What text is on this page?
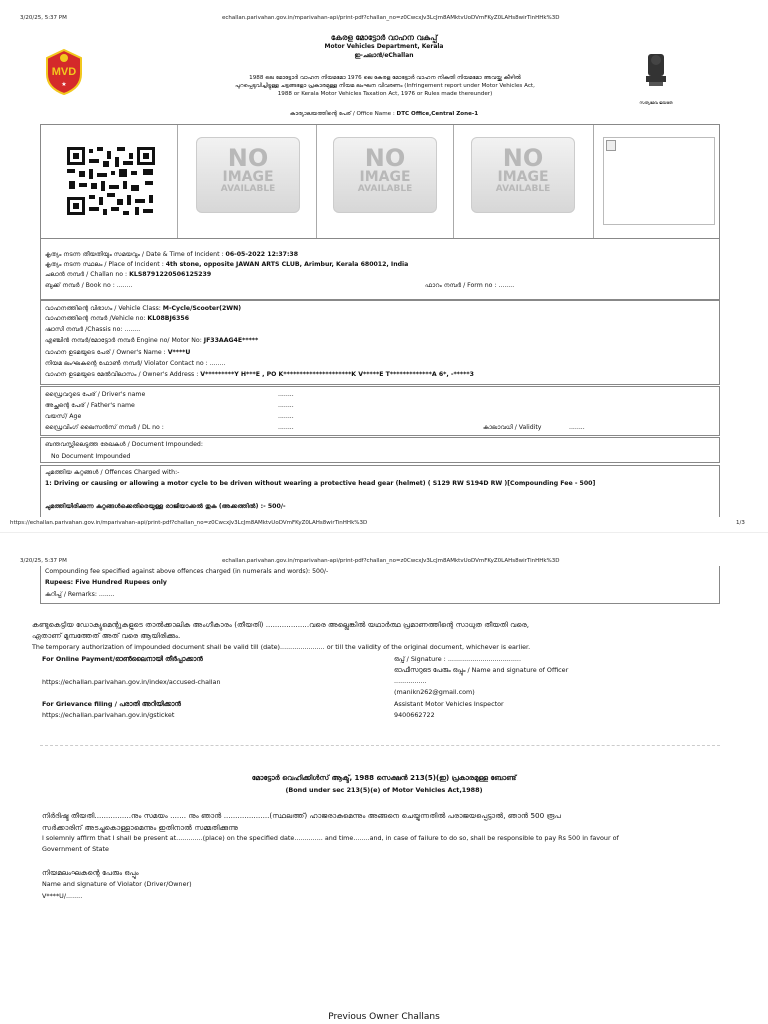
3/20/25, 5:37 PM	echallan.parivahan.gov.in/mparivahan-api/print-pdf?challan_no=z0CwcxJv3LcJm8AMktvUoDVmFKyZ0LAHs8wirTinHHk%3D
MVD
★
സത്യമേവ ജയതേ
കേരള മോട്ടോർ വാഹന വകുപ്പ്
Motor Vehicles Department, Kerala
ഇ-ചലാൻ/eChallan
1988 ലെ മോട്ടോർ വാഹന നിയമമോ 1976 ലെ കേരള മോട്ടോർ വാഹന നികുതി നിയമമോ അവയ്ക്കു കീഴിൽ
പുറപ്പെടുവിച്ചിട്ടുള്ള ചട്ടങ്ങളോ പ്രകാരമുള്ള നിയമ ലംഘന വിവരണം (Infringement report under Motor Vehicles Act,
1988 or Kerala Motor Vehicles Taxation Act, 1976 or Rules made thereunder)
കാര്യാലയത്തിന്റെ പേര് / Office Name : DTC Office,Central Zone-1
NO
IMAGE
AVAILABLE
NO
IMAGE
AVAILABLE
NO
IMAGE
AVAILABLE
കൃത്യം നടന്ന തീയതിയും സമയവും / Date & Time of Incident : 06-05-2022 12:37:38
കൃത്യം നടന്ന സ്ഥലം / Place of Incident : 4th stone, opposite JAWAN ARTS CLUB, Arimbur, Kerala 680012, India
ചലാൻ നമ്പർ / Challan no : KLS8791220506125239
ബുക്ക് നമ്പർ / Book no : ........	ഫാറം നമ്പർ / Form no : ........
വാഹനത്തിന്റെ വിഭാഗം / Vehicle Class: M-Cycle/Scooter(2WN)
വാഹനത്തിന്റെ നമ്പർ /Vehicle no: KL08BJ6356
ഷാസി നമ്പർ /Chassis no: ........
എഞ്ചിൻ നമ്പർ/മോട്ടോർ നമ്പർ Engine no/ Motor No: JF33AAG4E*****
വാഹന ഉടമയുടെ പേര് / Owner's Name : V****U
നിയമ ലംഘകന്റെ ഫോൺ നമ്പർ/ Violator Contact no : ........
വാഹന ഉടമയുടെ മേൽവിലാസം / Owner's Address : V*********Y H***E , PO K*********************K V*****E T*************A 6*, -*****3
ഡ്രൈവറുടെ പേര് / Driver's name	........
അച്ഛന്റെ പേര് / Father's name	........
വയസ്/ Age	........
ഡ്രൈവിംഗ് ലൈസൻസ് നമ്പർ / DL no :	........	കാലാവധി / Validity	........
ബന്തവസ്സിലെടുത്ത രേഖകൾ / Document Impounded:
No Document Impounded
ചുമത്തിയ കുറ്റങ്ങൾ / Offences Charged with:-
1: Driving or causing or allowing a motor cycle to be driven without wearing a protective head gear (helmet) ( S129 RW S194D RW )[Compounding Fee - 500]
ചുമത്തിയിരിക്കുന്ന കുറ്റങ്ങൾക്കെതിരെയുള്ള രാജിയാക്കൽ തുക (അക്കത്തിൽ) :- 500/-
https://echallan.parivahan.gov.in/mparivahan-api/print-pdf?challan_no=z0CwcxJv3LcJm8AMktvUoDVmFKyZ0LAHs8wirTinHHk%3D	1/3
3/20/25, 5:37 PM	echallan.parivahan.gov.in/mparivahan-api/print-pdf?challan_no=z0CwcxJv3LcJm8AMktvUoDVmFKyZ0LAHs8wirTinHHk%3D
Compounding fee specified against above offences charged (in numerals and words): 500/-
Rupees: Five Hundred Rupees only
കുറിപ്പ് / Remarks: ........
കണ്ടുകെട്ടിയ ഡോക്യുമെന്റുകളുടെ താൽക്കാലിക അംഗീകാരം (തീയതി) ...................വരെ അല്ലെങ്കിൽ യഥാർത്ഥ പ്രമാണത്തിന്റെ സാധുത തീയതി വരെ,
ഏതാണ് മുമ്പത്തേത് അത് വരെ ആയിരിക്കും.
The temporary authorization of impounded document shall be valid till (date)...................... or till the validity of the original document, whichever is earlier.
For Online Payment/ഓൺലൈനായി തീർപ്പാക്കാൻ
https://echallan.parivahan.gov.in/index/accused-challan
For Grievance filing / പരാതി അറിയിക്കാൻ
https://echallan.parivahan.gov.in/gsticket
ഒപ്പ് / Signature : ....................................
ഓഫീസറുടെ പേരും ഒപ്പും / Name and signature of Officer
................
(manikn262@gmail.com)
Assistant Motor Vehicles Inspector
9400662722
മോട്ടോർ വെഹിക്കിൾസ് ആക്ട്, 1988 സെക്ഷൻ 213(5)(ഇ) പ്രകാരമുള്ള ബോണ്ട്
(Bond under sec 213(5)(e) of Motor Vehicles Act,1988)
നിർദിഷ്ട തീയതി................നും സമയം ....... നും ഞാൻ ....................(സ്ഥലത്ത്) ഹാജരാകുമെന്നും അങ്ങനെ ചെയ്യുന്നതിൽ പരാജയപ്പെട്ടാൽ, ഞാൻ 500 രൂപ
സർക്കാരിന് അടച്ചുകൊള്ളാമെന്നും ഇതിനാൽ സമ്മതിക്കുന്നു
I solemnly affirm that I shall be present at.............(place) on the specified date.............. and time........and, in case of failure to do so, shall be responsible to pay Rs 500 in favour of
Government of State
നിയമലംഘകന്റെ പേരും ഒപ്പും
Name and signature of Violator (Driver/Owner)
V****U/........
Previous Owner Challans
